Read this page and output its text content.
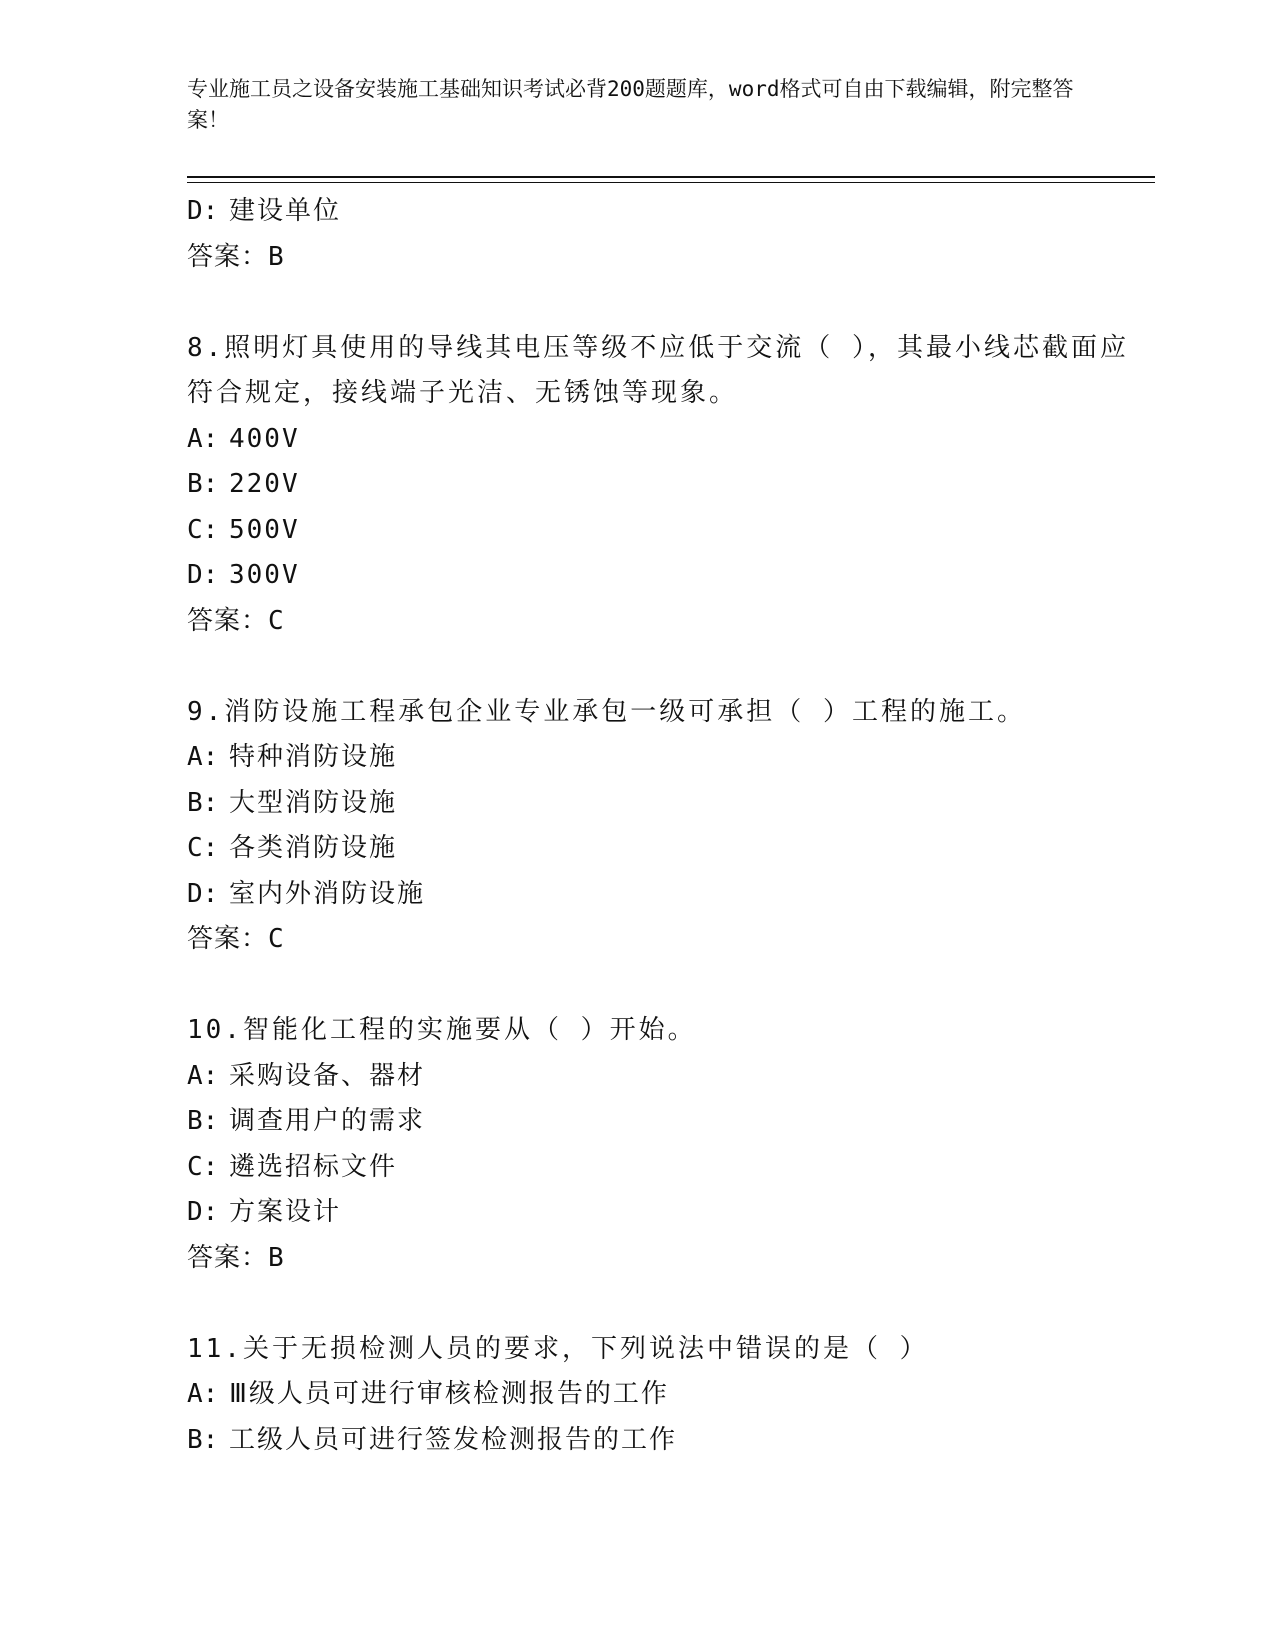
专业施工员之设备安装施工基础知识考试必背200题题库，word格式可自由下载编辑，附完整答案！
D: 建设单位
答案：B
8.照明灯具使用的导线其电压等级不应低于交流（ ），其最小线芯截面应符合规定，接线端子光洁、无锈蚀等现象。
A: 400V
B: 220V
C: 500V
D: 300V
答案：C
9.消防设施工程承包企业专业承包一级可承担（ ）工程的施工。
A: 特种消防设施
B: 大型消防设施
C: 各类消防设施
D: 室内外消防设施
答案：C
10.智能化工程的实施要从（ ）开始。
A: 采购设备、器材
B: 调查用户的需求
C: 遴选招标文件
D: 方案设计
答案：B
11.关于无损检测人员的要求，下列说法中错误的是（ ）
A: Ⅲ级人员可进行审核检测报告的工作
B: 工级人员可进行签发检测报告的工作
